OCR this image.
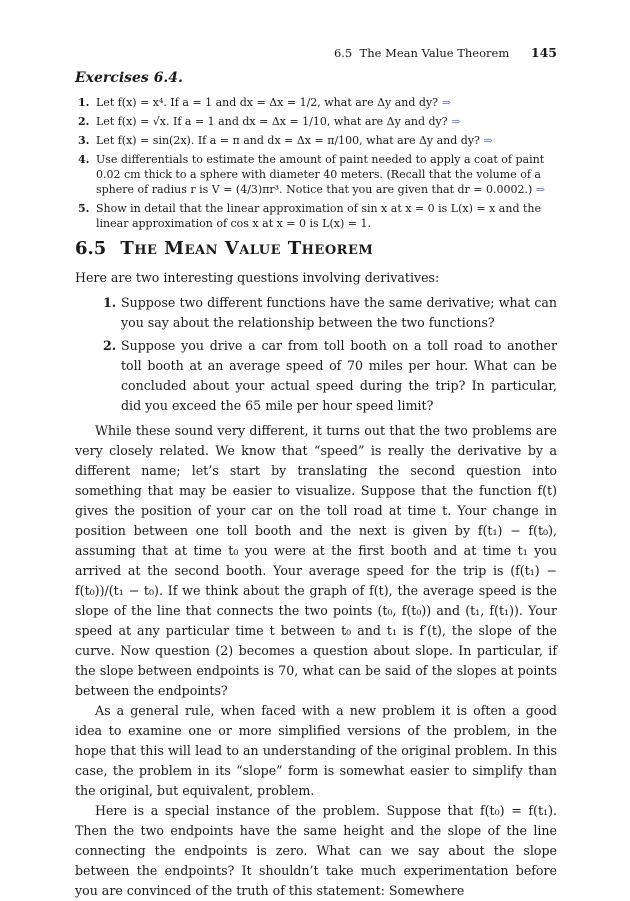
6.5 The Mean Value Theorem 145
Exercises 6.4.
1. Let f(x) = x⁴. If a = 1 and dx = Δx = 1/2, what are Δy and dy? ⇒
2. Let f(x) = √x. If a = 1 and dx = Δx = 1/10, what are Δy and dy? ⇒
3. Let f(x) = sin(2x). If a = π and dx = Δx = π/100, what are Δy and dy? ⇒
4. Use differentials to estimate the amount of paint needed to apply a coat of paint 0.02 cm thick to a sphere with diameter 40 meters. (Recall that the volume of a sphere of radius r is V = (4/3)πr³. Notice that you are given that dr = 0.0002.) ⇒
5. Show in detail that the linear approximation of sin x at x = 0 is L(x) = x and the linear approximation of cos x at x = 0 is L(x) = 1.
6.5 The Mean Value Theorem

Here are two interesting questions involving derivatives:

1. Suppose two different functions have the same derivative; what can you say about the relationship between the two functions?
2. Suppose you drive a car from toll booth on a toll road to another toll booth at an average speed of 70 miles per hour. What can be concluded about your actual speed during the trip? In particular, did you exceed the 65 mile per hour speed limit?

While these sound very different, it turns out that the two problems are very closely related. We know that “speed” is really the derivative by a different name; let’s start by translating the second question into something that may be easier to visualize. Suppose that the function f(t) gives the position of your car on the toll road at time t. Your change in position between one toll booth and the next is given by f(t₁) − f(t₀), assuming that at time t₀ you were at the first booth and at time t₁ you arrived at the second booth. Your average speed for the trip is (f(t₁) − f(t₀))/(t₁ − t₀). If we think about the graph of f(t), the average speed is the slope of the line that connects the two points (t₀, f(t₀)) and (t₁, f(t₁)). Your speed at any particular time t between t₀ and t₁ is f′(t), the slope of the curve. Now question (2) becomes a question about slope. In particular, if the slope between endpoints is 70, what can be said of the slopes at points between the endpoints?

As a general rule, when faced with a new problem it is often a good idea to examine one or more simplified versions of the problem, in the hope that this will lead to an understanding of the original problem. In this case, the problem in its “slope” form is somewhat easier to simplify than the original, but equivalent, problem.

Here is a special instance of the problem. Suppose that f(t₀) = f(t₁). Then the two endpoints have the same height and the slope of the line connecting the endpoints is zero. What can we say about the slope between the endpoints? It shouldn’t take much experimentation before you are convinced of the truth of this statement: Somewhere
